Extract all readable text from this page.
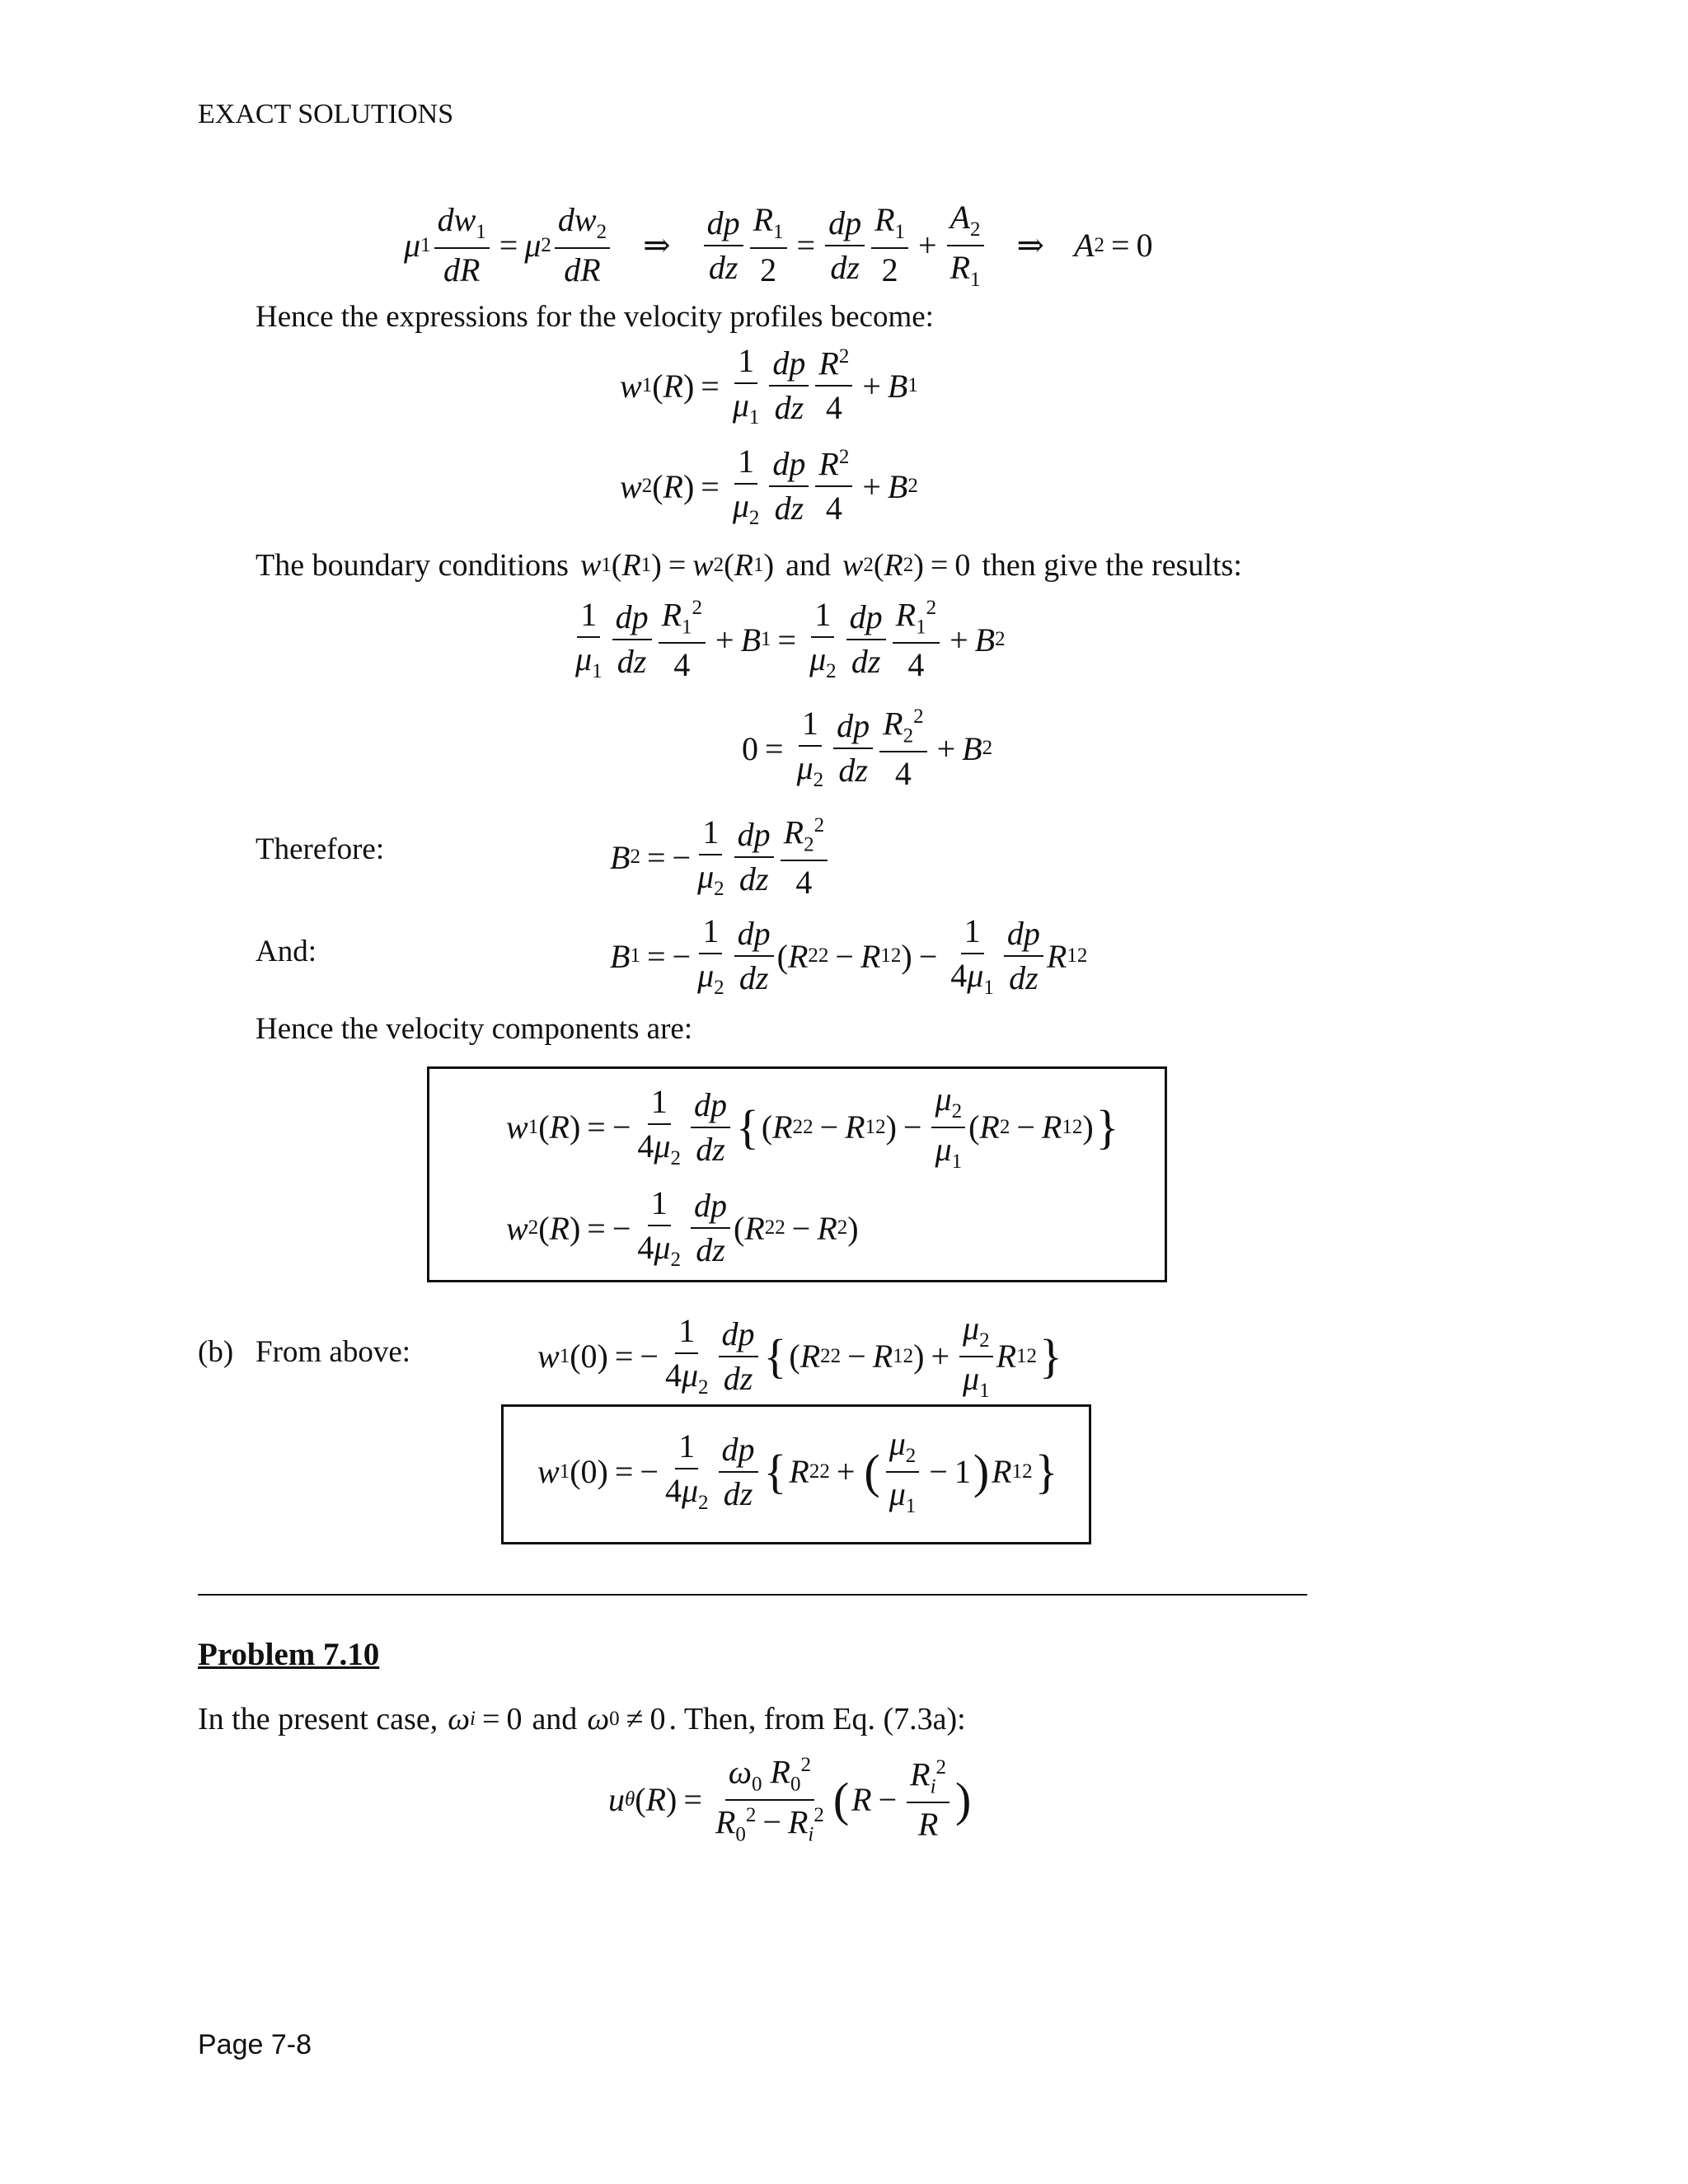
EXACT SOLUTIONS
μ $1 \frac{dw_1}{dR} = \mu$ $2 \frac{dw_2}{dR}$ ⇒ $\frac{dp}{dz} \frac{R_1}{2} = \frac{dp}{dz} \frac{R_1}{2} + \frac{A_2}{R_1}$ ⇒ A 2 = 0
Hence the expressions for the velocity profiles become:
w 1 ( R ) = $\frac{1}{\mu_1} \frac{dp}{dz} \frac{R^2}{4} + B$ 1
w 2 ( R ) = $\frac{1}{\mu_2} \frac{dp}{dz} \frac{R^2}{4} + B$ 2
The boundary conditions w 1 ( R 1 ) = w 2 ( R 1 ) and w 2 ( R 2 ) = 0 then give the results:
$\frac{1}{\mu_1} \frac{dp}{dz} \frac{R_1^2}{4} + B$ $1 = \frac{1}{\mu_2} \frac{dp}{dz} \frac{R_1^2}{4} + B$ 2
$0 = \frac{1}{\mu_2} \frac{dp}{dz} \frac{R_2^2}{4} + B$ 2
Therefore:	B 2 = − $\frac{1}{\mu_2} \frac{dp}{dz} \frac{R_2^2}{4}$
And:	B 1 = − $\frac{1}{\mu_2} \frac{dp}{dz}$ ( R 2 2 − R 1 2 ) − $\frac{1}{4\mu_1} \frac{dp}{dz}$ R 1 2
Hence the velocity components are:
w 1 ( R ) = − $\frac{1}{4\mu_2} \frac{dp}{dz}$ { ( R 2 2 − R 1 2 ) − $\frac{\mu_2}{\mu_1}$ ( R 2 − R 1 2 ) }
w 2 ( R ) = − $\frac{1}{4\mu_2} \frac{dp}{dz}$ ( R 2 2 − R 2 )
(b) From above:	w 1 (0) = − $\frac{1}{4\mu_2} \frac{dp}{dz}$ { ( R 2 2 − R 1 2 ) + $\frac{\mu_2}{\mu_1}$ R 1 2 }
w 1 (0) = − $\frac{1}{4\mu_2} \frac{dp}{dz}$ { R 2 2 + ( $\frac{\mu_2}{\mu_1} - 1$ ) R 1 2 }
Problem 7.10
In the present case, ω i = 0 and ω 0 ≠ 0 . Then, from Eq. (7.3a):
u θ ( R ) = $\frac{\omega_0 R_0^2}{R_0^2 - R_i^2}$ ( $R - \frac{R_i^2}{R}$ )
Page 7-8
